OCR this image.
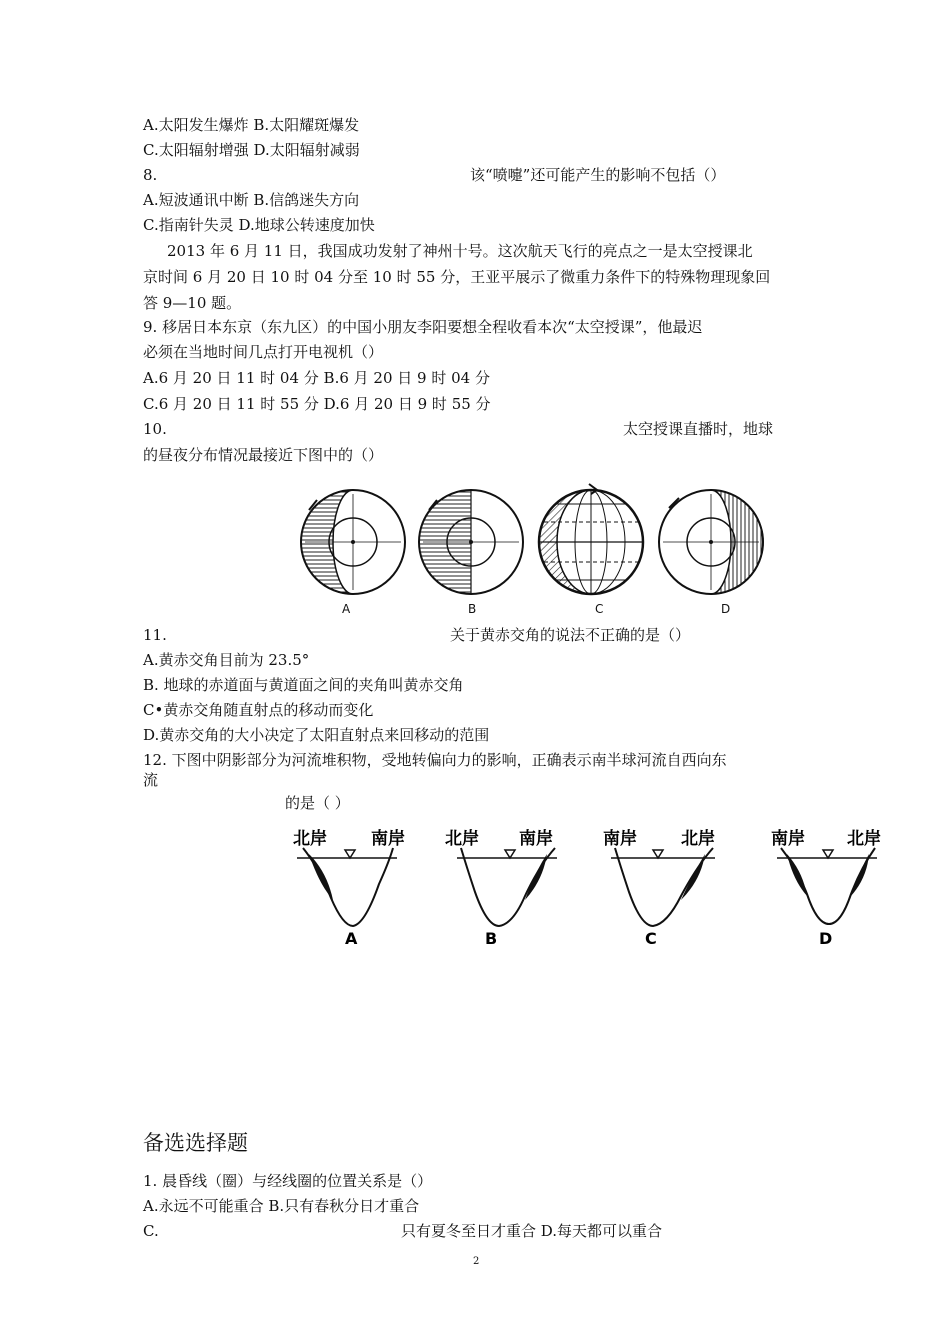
A.太阳发生爆炸 B.太阳耀斑爆发
C.太阳辐射增强 D.太阳辐射减弱
8.	该“喷嚏”还可能产生的影响不包括（）
A.短波通讯中断 B.信鸽迷失方向
C.指南针失灵 D.地球公转速度加快
2013 年 6 月 11 日，我国成功发射了神州十号。这次航天飞行的亮点之一是太空授课北
京时间 6 月 20 日 10 时 04 分至 10 时 55 分，王亚平展示了微重力条件下的特殊物理现象回
答 9—10 题。
9. 移居日本东京（东九区）的中国小朋友李阳要想全程收看本次“太空授课”，他最迟
必须在当地时间几点打开电视机（）
A.6 月 20 日 11 时 04 分 B.6 月 20 日 9 时 04 分
C.6 月 20 日 11 时 55 分 D.6 月 20 日 9 时 55 分
10.	太空授课直播时，地球
的昼夜分布情况最接近下图中的（）
A	B	C	D
11.	关于黄赤交角的说法不正确的是（）
A.黄赤交角目前为 23.5°
B. 地球的赤道面与黄道面之间的夹角叫黄赤交角
C•黄赤交角随直射点的移动而变化
D.黄赤交角的大小决定了太阳直射点来回移动的范围
12. 下图中阴影部分为河流堆积物，受地转偏向力的影响，正确表示南半球河流自西向东
流
的是（ ）
北岸	南岸
A
北岸 南岸
B
南岸	北岸
C
南岸 北岸
D
备选选择题
1. 晨昏线（圈）与经线圈的位置关系是（）
A.永远不可能重合 B.只有春秋分日才重合
C.	只有夏冬至日才重合 D.每天都可以重合
2
